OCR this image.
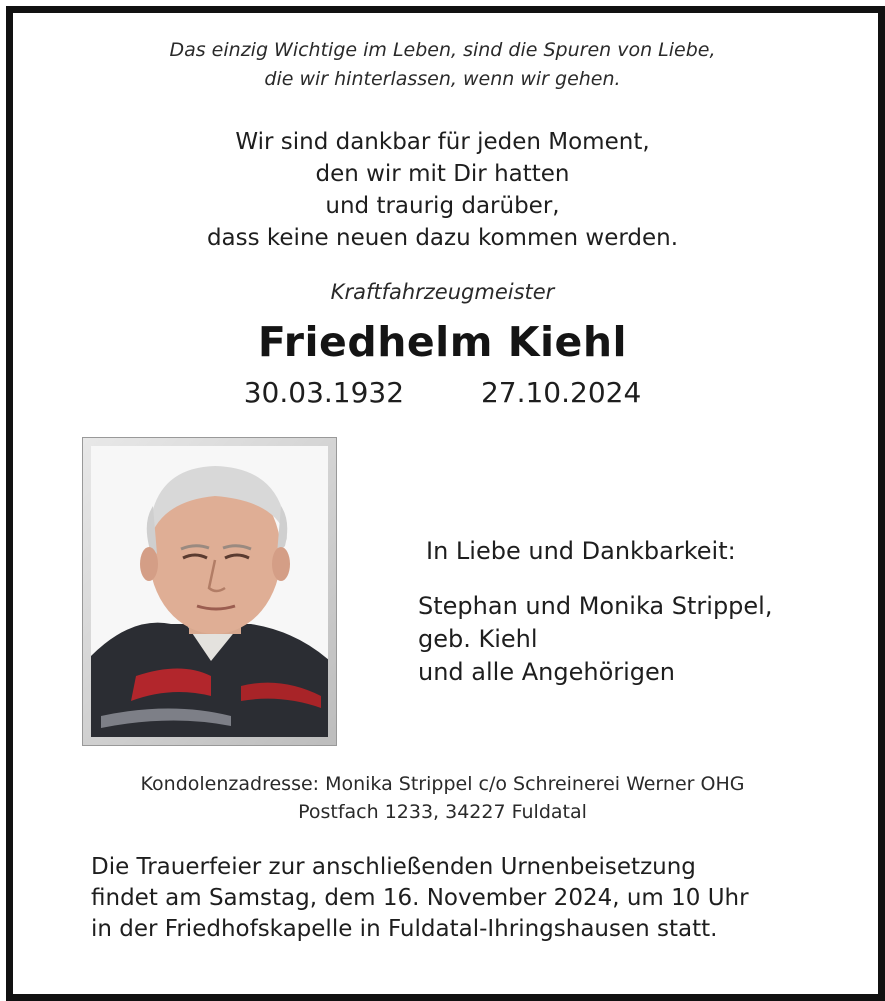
Das einzig Wichtige im Leben, sind die Spuren von Liebe,
die wir hinterlassen, wenn wir gehen.
Wir sind dankbar für jeden Moment,
den wir mit Dir hatten
und traurig darüber,
dass keine neuen dazu kommen werden.
Kraftfahrzeugmeister
Friedhelm Kiehl
30.03.1932	27.10.2024
In Liebe und Dankbarkeit:
Stephan und Monika Strippel,
geb. Kiehl
und alle Angehörigen
Kondolenzadresse: Monika Strippel c/o Schreinerei Werner OHG
Postfach 1233, 34227 Fuldatal
Die Trauerfeier zur anschließenden Urnenbeisetzung
findet am Samstag, dem 16. November 2024, um 10 Uhr
in der Friedhofskapelle in Fuldatal-Ihringshausen statt.
